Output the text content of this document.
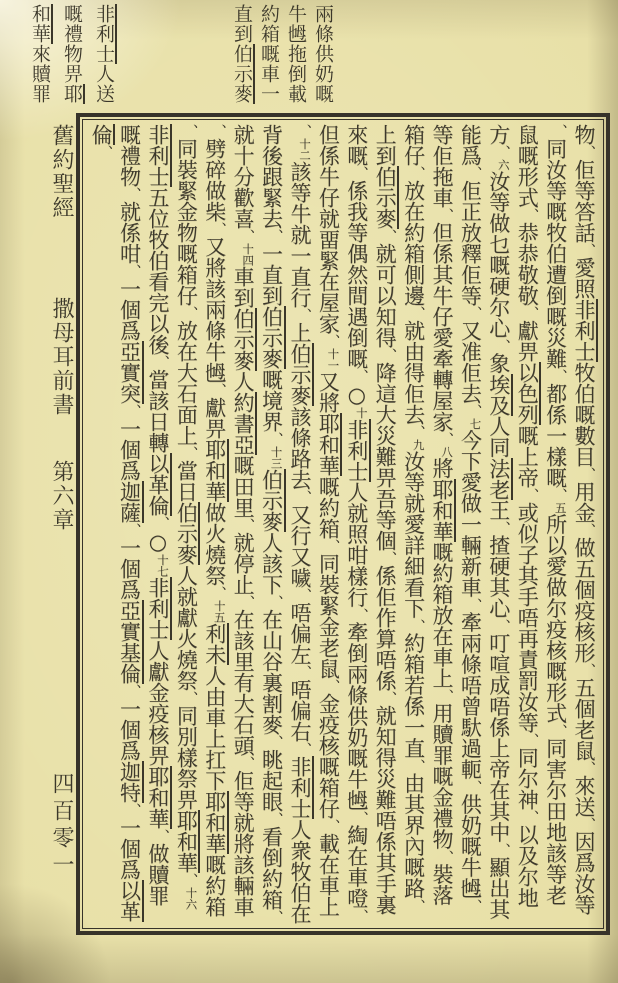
兩條供奶嘅牛乸拖倒載約箱嘅車一直到伯示麥
非利士人送嘅禮物畀耶和華來贖罪
舊約聖經
撒母耳前書
第六章
四百零一
物、佢等答話、愛照非利士牧伯嘅數目、用金、做五個疫核形、五個老鼠、來送、因爲汝等、同汝等嘅牧伯遭倒嘅災難、都係一樣嘅、五所以愛做尔疫核嘅形式、同害尔田地該等老鼠嘅形式、恭恭敬敬、獻畀以色列嘅上帝、或似子其手唔再責罰汝等、同尔神、以及尔地方、六汝等做乜嘅硬尔心、象埃及人同法老王、揸硬其心、叮喧成唔係上帝在其中、顯出其能爲、佢正放釋佢等、又准佢去、七今下愛做一輛新車、牽兩條唔曾馱過軛、供奶嘅牛乸、等佢拖車、但係其牛仔愛牽轉屋家、八將耶和華嘅約箱放在車上、用贖罪嘅金禮物、裝落箱仔、放在約箱側邊、就由得佢去、九汝等就愛詳細看下、約箱若係一直、由其界內嘅路、上到伯示麥、就可以知得、降這大災難畀吾等個、係佢作算唔係、就知得災難唔係其手裏來嘅、係我等偶然間遇倒嘅、○十非利士人就照咁樣行、牽倒兩條供奶嘅牛乸、綯在車噔、但係牛仔就畱緊在屋家、十一又將耶和華嘅約箱、同裝緊金老鼠、金疫核嘅箱仔、載在車上、十二該等牛就一直行、上伯示麥該條路去、又行又噦、唔偏左、唔偏右、非利士人衆牧伯在背後跟緊去、一直到伯示麥嘅境界、十三伯示麥人該下、在山谷裏割麥、眺起眼、看倒約箱、就十分歡喜、十四車到伯示麥人約書亞嘅田里、就停止、在該里有大石頭、佢等就將該輛車、劈碎做柴、又將該兩條牛乸、獻畀耶和華做火燒祭、十五利未人由車上扛下耶和華嘅約箱、同裝緊金物嘅箱仔、放在大石面上、當日伯示麥人就獻火燒祭、同別樣祭畀耶和華、十六非利士五位牧伯看完以後、當該日轉以革倫、○十七非利士人獻金疫核畀耶和華、做贖罪嘅禮物、就係咁、一個爲亞實突、一個爲迦薩、一個爲亞實基倫、一個爲迦特、一個爲以革倫、
